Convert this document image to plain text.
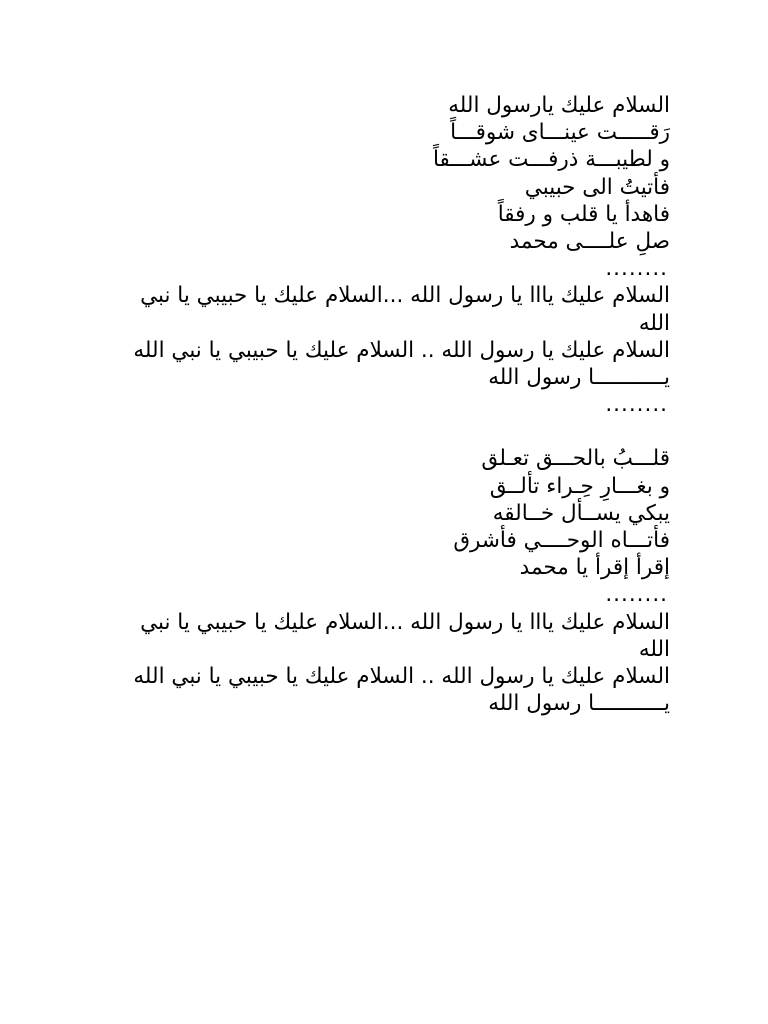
السلام عليك يارسول الله
رَقـــــت عينـــاى شوقـــاً
و لطيبـــة ذرفـــت عشـــقاً
فأتيتُ الى حبيبي
فاهدأ يا قلب و رفقاً
صلِ علــــى محمد
........
السلام عليك يااا يا رسول الله ...السلام عليك يا حبيبي يا نبي الله
السلام عليك يا رسول الله .. السلام عليك يا حبيبي يا نبي الله
يـــــــــــا رسول الله
........
قلـــبُ بالحـــق تعـلق
و بغـــارِ حِـراء تألــق
يبكي يســأل خــالقه
فأتـــاه الوحــــي فأشرق
إقرأ إقرأ يا محمد
........
السلام عليك يااا يا رسول الله ...السلام عليك يا حبيبي يا نبي الله
السلام عليك يا رسول الله .. السلام عليك يا حبيبي يا نبي الله
يـــــــــــا رسول الله
